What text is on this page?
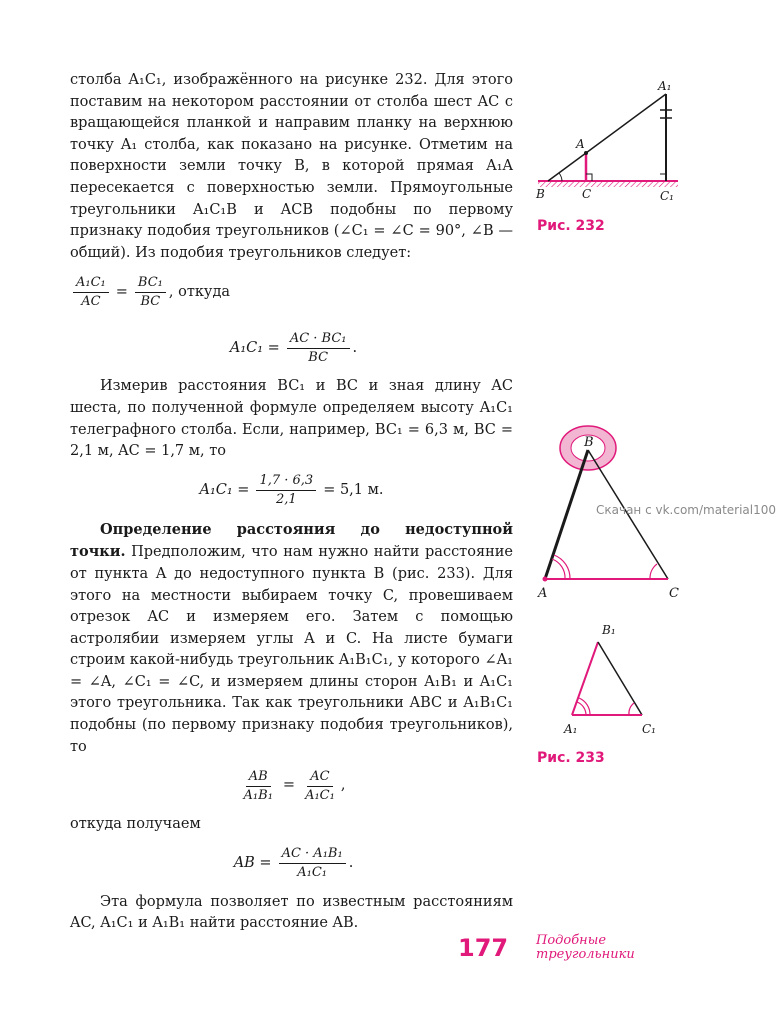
столба A₁C₁, изображённого на рисунке 232. Для этого поставим на некотором расстоянии от столба шест AC с вращающейся планкой и направим планку на верхнюю точку A₁ столба, как показано на рисунке. Отметим на поверхности земли точку B, в которой прямая A₁A пересекается с поверхностью земли. Прямоугольные треугольники A₁C₁B и ACB подобны по первому признаку подобия треугольников (∠C₁ = ∠C = 90°, ∠B — общий). Из подобия треугольников следует:

$\frac{\text{A₁C₁}}{AC} = \frac{\text{BC₁}}{BC}$ , откуда
$A_1C_1 = \frac{\text{AC · BC₁}}{BC}$ .

Измерив расстояния BC₁ и BC и зная длину AC шеста, по полученной формуле определяем высоту A₁C₁ телеграфного столба. Если, например, BC₁ = 6,3 м, BC = 2,1 м, AC = 1,7 м, то

$A_1C_1 = \frac{1,7 \cdot 6,3}{2,1} = 5,1$ м.

Определение расстояния до недоступной точки. Предположим, что нам нужно найти расстояние от пункта A до недоступного пункта B (рис. 233). Для этого на местности выбираем точку C, провешиваем отрезок AC и измеряем его. Затем с помощью астролябии измеряем углы A и C. На листе бумаги строим какой-нибудь треугольник A₁B₁C₁, у которого ∠A₁ = ∠A, ∠C₁ = ∠C, и измеряем длины сторон A₁B₁ и A₁C₁ этого треугольника. Так как треугольники ABC и A₁B₁C₁ подобны (по первому признаку подобия треугольников), то

$\frac{AB}{\text{A₁B₁}} = \frac{AC}{\text{A₁C₁}}$ ,

откуда получаем

AB = $\frac{\text{AC · A₁B₁}}{\text{A₁C₁}}$ .

Эта формула позволяет по известным расстояниям AC, A₁C₁ и A₁B₁ найти расстояние AB.

A₁
A
B	C	C₁
Рис. 232
B
A	C
B₁
A₁	C₁
Рис. 233
Скачан с vk.com/material100
177 Подобные
треугольники
